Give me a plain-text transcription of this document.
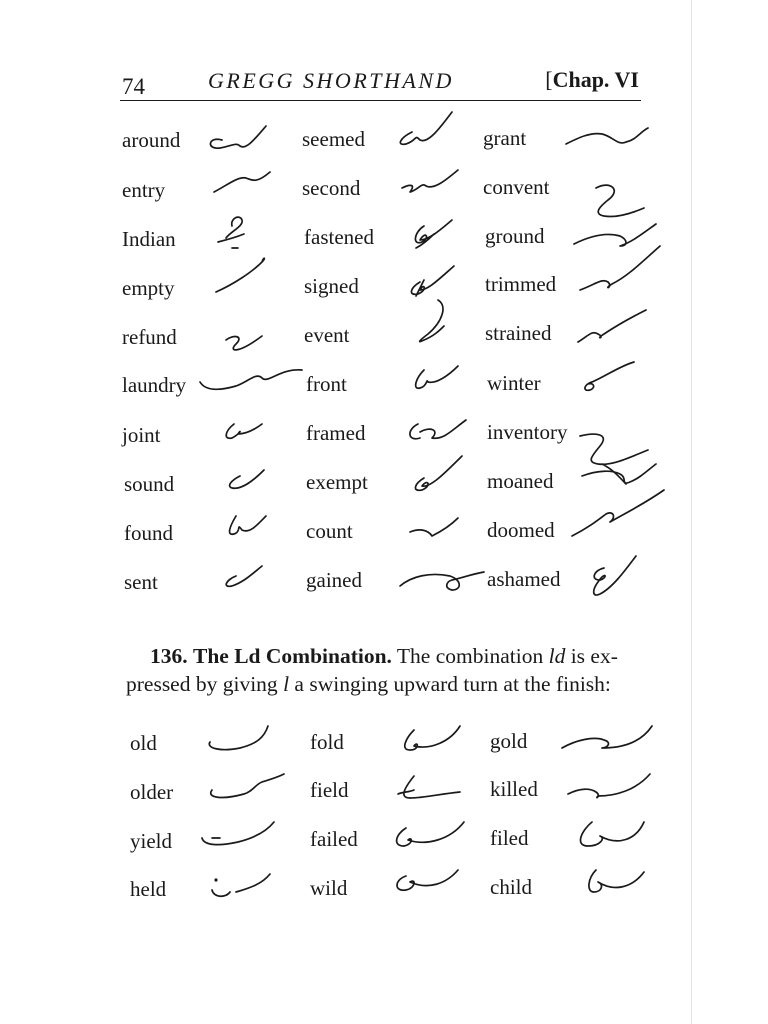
74	GREGG SHORTHAND	[Chap. VI
around
entry
Indian
empty
refund
laundry
joint
sound
found
sent
seemed
second
fastened
signed
event
front
framed
exempt
count
gained
grant
convent
ground
trimmed
strained
winter
inventory
moaned
doomed
ashamed
136. The Ld Combination. The combination ld is ex-
pressed by giving l a swinging upward turn at the finish:
old
older
yield
held
fold
field
failed
wild
gold
killed
filed
child
